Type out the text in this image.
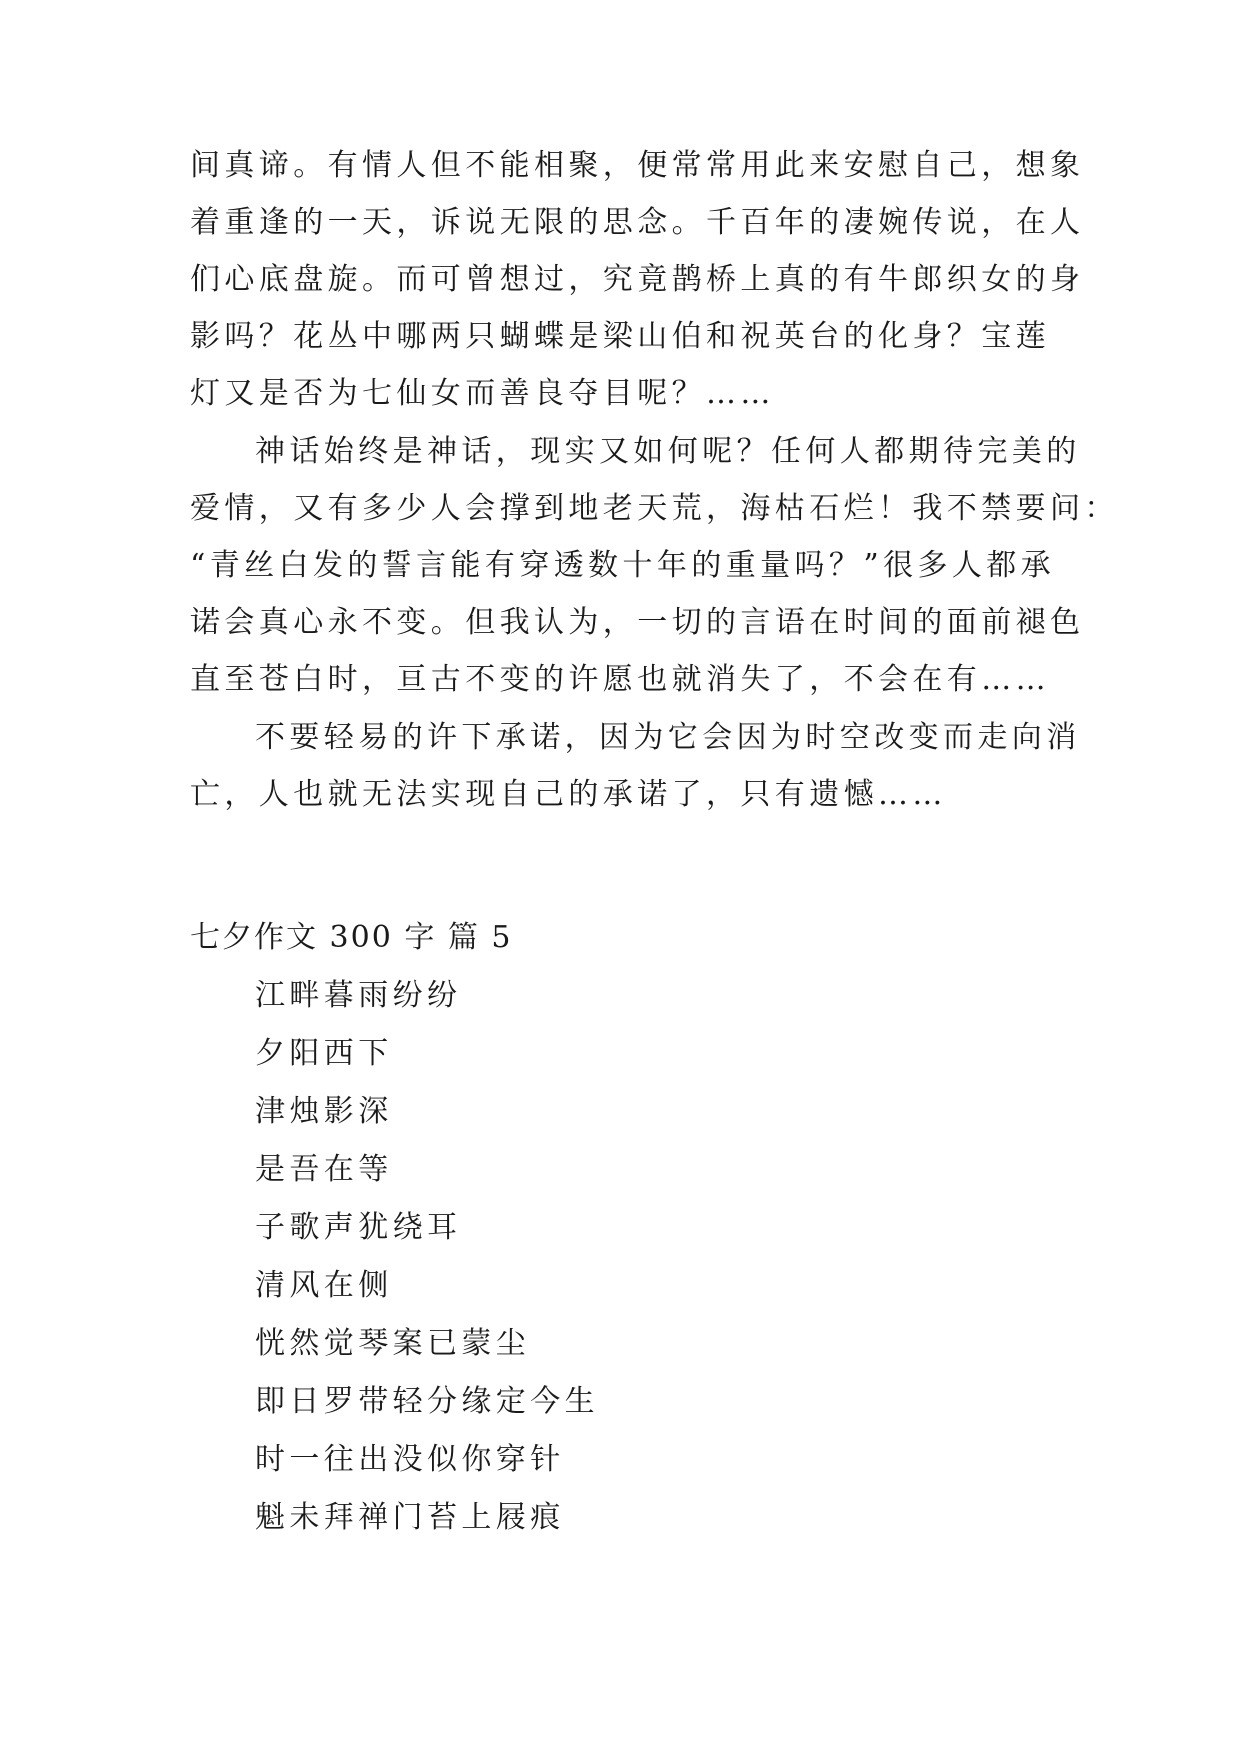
间真谛。有情人但不能相聚，便常常用此来安慰自己，想象
着重逢的一天，诉说无限的思念。千百年的凄婉传说，在人
们心底盘旋。而可曾想过，究竟鹊桥上真的有牛郎织女的身
影吗？花丛中哪两只蝴蝶是梁山伯和祝英台的化身？宝莲
灯又是否为七仙女而善良夺目呢？……
神话始终是神话，现实又如何呢？任何人都期待完美的
爱情，又有多少人会撑到地老天荒，海枯石烂！我不禁要问：
“青丝白发的誓言能有穿透数十年的重量吗？”很多人都承
诺会真心永不变。但我认为，一切的言语在时间的面前褪色
直至苍白时，亘古不变的许愿也就消失了，不会在有……
不要轻易的许下承诺，因为它会因为时空改变而走向消
亡，人也就无法实现自己的承诺了，只有遗憾……
七夕作文 300 字 篇 5
江畔暮雨纷纷
夕阳西下
津烛影深
是吾在等
子歌声犹绕耳
清风在侧
恍然觉琴案已蒙尘
即日罗带轻分缘定今生
时一往出没似你穿针
魁未拜禅门苔上屐痕
